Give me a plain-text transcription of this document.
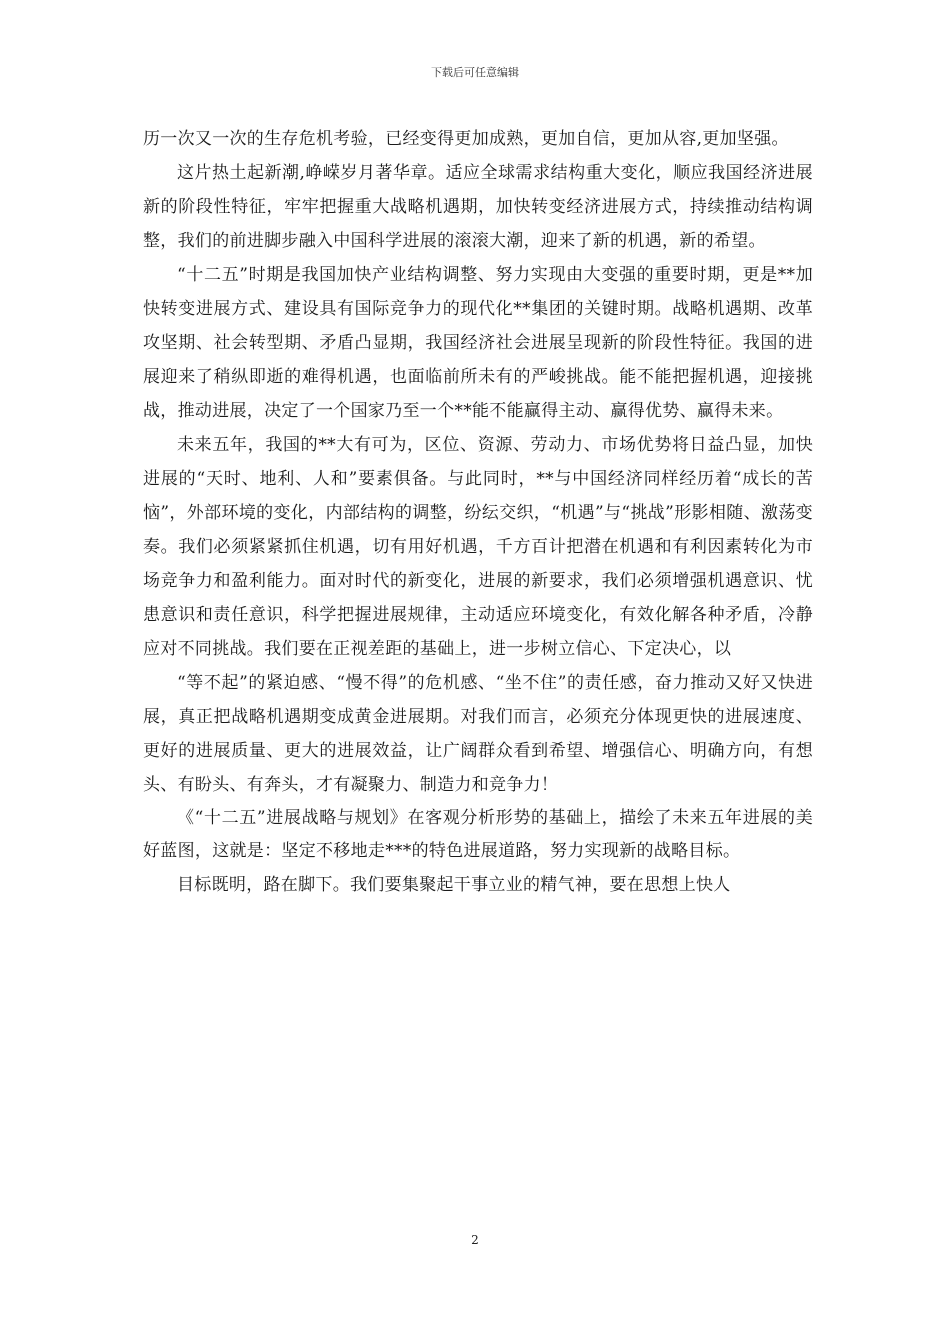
下载后可任意编辑

历一次又一次的生存危机考验，已经变得更加成熟，更加自信，更加从容,更加坚强。

这片热土起新潮,峥嵘岁月著华章。适应全球需求结构重大变化，顺应我国经济进展新的阶段性特征，牢牢把握重大战略机遇期，加快转变经济进展方式，持续推动结构调整，我们的前进脚步融入中国科学进展的滚滚大潮，迎来了新的机遇，新的希望。

“十二五”时期是我国加快产业结构调整、努力实现由大变强的重要时期，更是**加快转变进展方式、建设具有国际竞争力的现代化**集团的关键时期。战略机遇期、改革攻坚期、社会转型期、矛盾凸显期，我国经济社会进展呈现新的阶段性特征。我国的进展迎来了稍纵即逝的难得机遇，也面临前所未有的严峻挑战。能不能把握机遇，迎接挑战，推动进展，决定了一个国家乃至一个**能不能赢得主动、赢得优势、赢得未来。

未来五年，我国的**大有可为，区位、资源、劳动力、市场优势将日益凸显，加快进展的“天时、地利、人和”要素俱备。与此同时，**与中国经济同样经历着“成长的苦恼”，外部环境的变化，内部结构的调整，纷纭交织，“机遇”与“挑战”形影相随、激荡变奏。我们必须紧紧抓住机遇，切有用好机遇，千方百计把潜在机遇和有利因素转化为市场竞争力和盈利能力。面对时代的新变化，进展的新要求，我们必须增强机遇意识、忧患意识和责任意识，科学把握进展规律，主动适应环境变化，有效化解各种矛盾，冷静应对不同挑战。我们要在正视差距的基础上，进一步树立信心、下定决心，以

“等不起”的紧迫感、“慢不得”的危机感、“坐不住”的责任感，奋力推动又好又快进展，真正把战略机遇期变成黄金进展期。对我们而言，必须充分体现更快的进展速度、更好的进展质量、更大的进展效益，让广阔群众看到希望、增强信心、明确方向，有想头、有盼头、有奔头，才有凝聚力、制造力和竞争力！

《“十二五”进展战略与规划》在客观分析形势的基础上，描绘了未来五年进展的美好蓝图，这就是：坚定不移地走***的特色进展道路，努力实现新的战略目标。

目标既明，路在脚下。我们要集聚起干事立业的精气神，要在思想上快人

2
